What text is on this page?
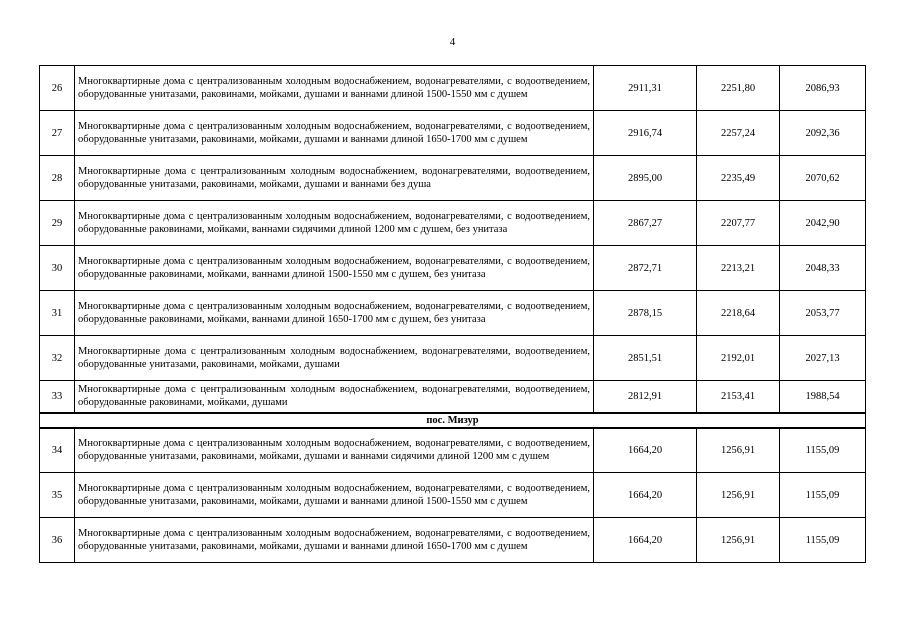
4
26	Многоквартирные дома с централизованным холодным водоснабжением, водонагревателями, с водоотведением, оборудованные унитазами, раковинами, мойками, душами и ваннами длиной 1500-1550 мм с душем	2911,31	2251,80	2086,93
27	Многоквартирные дома с централизованным холодным водоснабжением, водонагревателями, с водоотведением, оборудованные унитазами, раковинами, мойками, душами и ваннами длиной 1650-1700 мм с душем	2916,74	2257,24	2092,36
28	Многоквартирные дома с централизованным холодным водоснабжением, водонагревателями, водоотведением, оборудованные унитазами, раковинами, мойками, душами и ваннами без душа	2895,00	2235,49	2070,62
29	Многоквартирные дома с централизованным холодным водоснабжением, водонагревателями, с водоотведением, оборудованные раковинами, мойками, ваннами сидячими длиной 1200 мм с душем, без унитаза	2867,27	2207,77	2042,90
30	Многоквартирные дома с централизованным холодным водоснабжением, водонагревателями, с водоотведением, оборудованные раковинами, мойками, ваннами длиной 1500-1550 мм с душем, без унитаза	2872,71	2213,21	2048,33
31	Многоквартирные дома с централизованным холодным водоснабжением, водонагревателями, с водоотведением, оборудованные раковинами, мойками, ваннами длиной 1650-1700 мм с душем, без унитаза	2878,15	2218,64	2053,77
32	Многоквартирные дома с централизованным холодным водоснабжением, водонагревателями, водоотведением, оборудованные унитазами, раковинами, мойками, душами	2851,51	2192,01	2027,13
33	Многоквартирные дома с централизованным холодным водоснабжением, водонагревателями, водоотведением, оборудованные раковинами, мойками, душами	2812,91	2153,41	1988,54
пос. Мизур				
34	Многоквартирные дома с централизованным холодным водоснабжением, водонагревателями, с водоотведением, оборудованные унитазами, раковинами, мойками, душами и ваннами сидячими длиной 1200 мм с душем	1664,20	1256,91	1155,09
35	Многоквартирные дома с централизованным холодным водоснабжением, водонагревателями, с водоотведением, оборудованные унитазами, раковинами, мойками, душами и ваннами длиной 1500-1550 мм с душем	1664,20	1256,91	1155,09
36	Многоквартирные дома с централизованным холодным водоснабжением, водонагревателями, с водоотведением, оборудованные унитазами, раковинами, мойками, душами и ваннами длиной 1650-1700 мм с душем	1664,20	1256,91	1155,09
